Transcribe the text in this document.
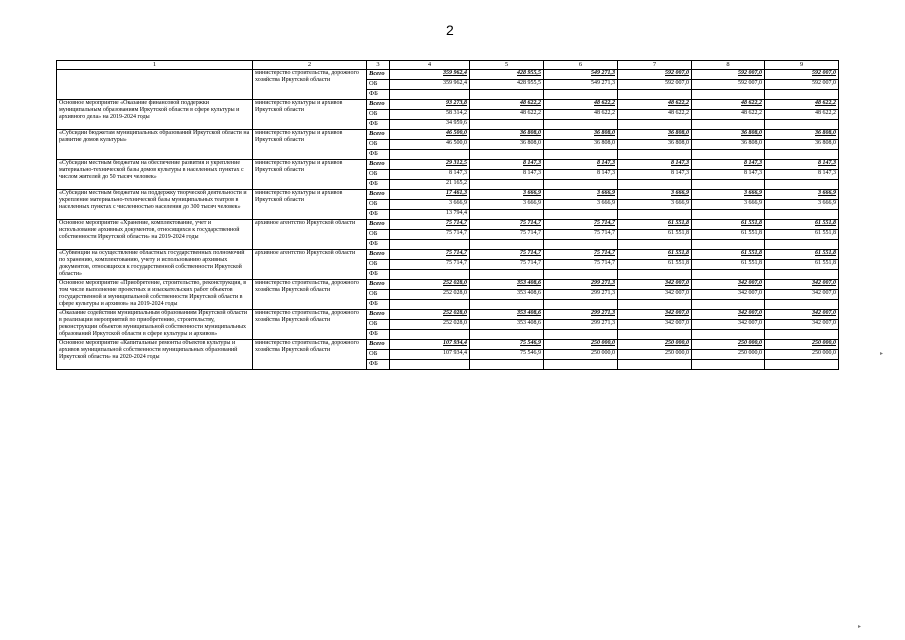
2
1	2	3	4	5	6	7	8	9
	министерство строительства, дорожного хозяйства Иркутской области	Всего	359 962,4	428 955,5	549 271,3	592 007,0	592 007,0	592 007,0
		ОБ	359 962,4	428 955,5	549 271,3	592 007,0	592 007,0	592 007,0
		ФБ						
Основное мероприятие «Оказание финансовой поддержки муниципальным образованиям Иркутской области в сфере культуры и архивного дела» на 2019-2024 годы	министерство культуры и архивов Иркутской области	Всего	93 273,8	48 622,2	48 622,2	48 622,2	48 622,2	48 622,2
		ОБ	58 314,2	48 622,2	48 622,2	48 622,2	48 622,2	48 622,2
		ФБ	34 959,6					
«Субсидии бюджетам муниципальных образований Иркутской области на развитие домов культуры»	министерство культуры и архивов Иркутской области	Всего	46 500,0	36 808,0	36 808,0	36 808,0	36 808,0	36 808,0
		ОБ	46 500,0	36 808,0	36 808,0	36 808,0	36 808,0	36 808,0
		ФБ						
«Субсидии местным бюджетам на обеспечение развития и укрепление материально-технической базы домов культуры в населенных пунктах с числом жителей до 50 тысяч человек»	министерство культуры и архивов Иркутской области	Всего	29 312,5	8 147,3	8 147,3	8 147,3	8 147,3	8 147,3
		ОБ	8 147,3	8 147,3	8 147,3	8 147,3	8 147,3	8 147,3
		ФБ	21 165,2					
«Субсидии местным бюджетам на поддержку творческой деятельности и укрепление материально-технической базы муниципальных театров в населенных пунктах с численностью населения до 300 тысяч человек»	министерство культуры и архивов Иркутской области	Всего	17 461,3	3 666,9	3 666,9	3 666,9	3 666,9	3 666,9
		ОБ	3 666,9	3 666,9	3 666,9	3 666,9	3 666,9	3 666,9
		ФБ	13 794,4					
Основное мероприятие «Хранение, комплектование, учет и использование архивных документов, относящихся к государственной собственности Иркутской области» на 2019-2024 годы	архивное агентство Иркутской области	Всего	75 714,7	75 714,7	75 714,7	61 551,8	61 551,8	61 551,8
		ОБ	75 714,7	75 714,7	75 714,7	61 551,8	61 551,8	61 551,8
		ФБ						
«Субвенции на осуществление областных государственных полномочий по хранению, комплектованию, учету и использованию архивных документов, относящихся к государственной собственности Иркутской области»	архивное агентство Иркутской области	Всего	75 714,7	75 714,7	75 714,7	61 551,8	61 551,8	61 551,8
		ОБ	75 714,7	75 714,7	75 714,7	61 551,8	61 551,8	61 551,8
		ФБ						
Основное мероприятие «Приобретение, строительство, реконструкция, в том числе выполнение проектных и изыскательских работ объектов государственной и муниципальной собственности Иркутской области в сфере культуры и архивов» на 2019-2024 годы	министерство строительства, дорожного хозяйства Иркутской области	Всего	252 028,0	353 408,6	299 271,3	342 007,0	342 007,0	342 007,0
		ОБ	252 028,0	353 408,6	299 271,3	342 007,0	342 007,0	342 007,0
		ФБ						
«Оказание содействия муниципальным образованиям Иркутской области в реализации мероприятий по приобретению, строительству, реконструкции объектов муниципальной собственности муниципальных образований Иркутской области в сфере культуры и архивов»	министерство строительства, дорожного хозяйства Иркутской области	Всего	252 028,0	353 408,6	299 271,3	342 007,0	342 007,0	342 007,0
		ОБ	252 028,0	353 408,6	299 271,3	342 007,0	342 007,0	342 007,0
		ФБ						
Основное мероприятие «Капитальные ремонты объектов культуры и архивов муниципальной собственности муниципальных образований Иркутской области» на 2020-2024 годы	министерство строительства, дорожного хозяйства Иркутской области	Всего	107 934,4	75 546,9	250 000,0	250 000,0	250 000,0	250 000,0
		ОБ	107 934,4	75 546,9	250 000,0	250 000,0	250 000,0	250 000,0
		ФБ						
▸
▸
